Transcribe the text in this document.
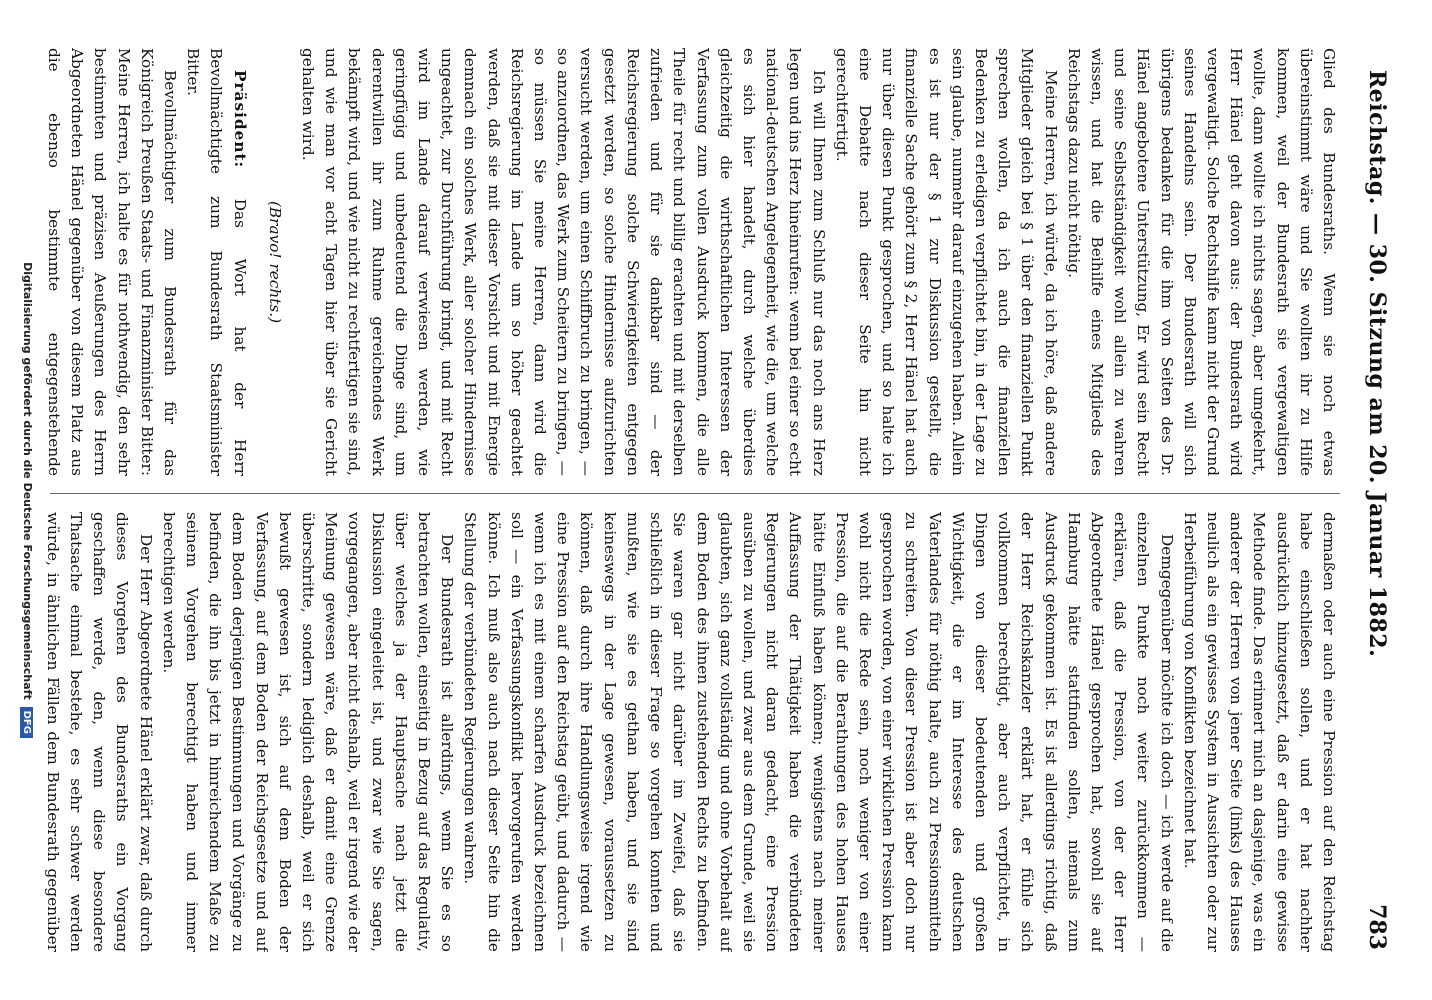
Reichstag. — 30. Sitzung am 20. Januar 1882.
783

Glied des Bundesraths. Wenn sie noch etwas übereinstimmt wäre und Sie wollten ihr zu Hilfe kommen, weil der Bundesrath sie vergewaltigen wollte, dann wollte ich nichts sagen, aber umgekehrt, Herr Hänel geht davon aus: der Bundesrath wird vergewaltigt. Solche Rechtshilfe kann nicht der Grund seines Handelns sein. Der Bundesrath will sich übrigens bedanken für die ihm von Seiten des Dr. Hänel angebotene Unterstützung, Er wird sein Recht und seine Selbstständigkeit wohl allein zu wahren wissen, und hat die Beihilfe eines Mitglieds des Reichstags dazu nicht nöthig.

Meine Herren, ich würde, da ich höre, daß andere Mitglieder gleich bei § 1 über den finanziellen Punkt sprechen wollen, da ich auch die finanziellen Bedenken zu erledigen verpflichtet bin, in der Lage zu sein glaube, nunmehr darauf einzugehen haben. Allein es ist nur der § 1 zur Diskussion gestellt, die finanzielle Sache gehört zum § 2, Herr Hänel hat auch nur über diesen Punkt gesprochen, und so halte ich eine Debatte nach dieser Seite hin nicht gerechtfertigt.

Ich will Ihnen zum Schluß nur das noch ans Herz legen und ins Herz hineinrufen: wenn bei einer so echt national-deutschen Angelegenheit, wie die, um welche es sich hier handelt, durch welche überdies gleichzeitig die wirthschaftlichen Interessen der Verfassung zum vollen Ausdruck kommen, die alle Theile für recht und billig erachten und mit derselben zufrieden und für sie dankbar sind — der Reichsregierung solche Schwierigkeiten entgegen gesetzt werden, so solche Hindernisse aufzurichten versucht werden, um einen Schiffbruch zu bringen, — so anzuordnen, das Werk zum Scheitern zu bringen, — so müssen Sie meine Herren, dann wird die Reichsregierung im Lande um so höher geachtet werden, daß sie mit dieser Vorsicht und mit Energie demnach ein solches Werk, aller solcher Hindernisse ungeachtet, zur Durchführung bringt, und mit Recht wird im Lande darauf verwiesen werden, wie geringfügig und unbedeutend die Dinge sind, um derentwillen ihr zum Ruhme gereichendes Werk bekämpft wird, und wie nicht zu rechtfertigen sie sind, und wie man vor acht Tagen hier über sie Gericht gehalten wird.

(Bravo! rechts.)

Präsident: Das Wort hat der Herr Bevollmächtigte zum Bundesrath Staatsminister Bitter.

Bevollmächtigter zum Bundesrath für das Königreich Preußen Staats- und Finanzminister Bitter: Meine Herren, ich halte es für nothwendig, den sehr bestimmten und präzisen Aeußerungen des Herrn Abgeordneten Hänel gegenüber von diesem Platz aus die ebenso bestimmte entgegenstehende

dermaßen oder auch eine Pression auf den Reichstag habe einschließen sollen, und er hat nachher ausdrücklich hinzugesetzt, daß er darin eine gewisse Methode finde. Das erinnert mich an dasjenige, was ein anderer der Herren von jener Seite (links) des Hauses neulich als ein gewisses System in Aussichten oder zur Herbeiführung von Konflikten bezeichnet hat.

Demgegenüber möchte ich doch — ich werde auf die einzelnen Punkte noch weiter zurückkommen — erklären, daß die Pression, von der der Herr Abgeordnete Hänel gesprochen hat, sowohl sie auf Hamburg hätte stattfinden sollen, niemals zum Ausdruck gekommen ist. Es ist allerdings richtig, daß der Herr Reichskanzler erklärt hat, er fühle sich vollkommen berechtigt, aber auch verpflichtet, in Dingen von dieser bedeutenden und großen Wichtigkeit, die er im Interesse des deutschen Vaterlandes für nöthig halte, auch zu Pressionsmitteln zu schreiten. Von dieser Pression ist aber doch nur gesprochen worden, von einer wirklichen Pression kann wohl nicht die Rede sein, noch weniger von einer Pression, die auf die Berathungen des hohen Hauses hätte Einfluß haben können; wenigstens nach meiner Auffassung der Thätigkeit haben die verbündeten Regierungen nicht daran gedacht, eine Pression ausüben zu wollen, und zwar aus dem Grunde, weil sie glaubten, sich ganz vollständig und ohne Vorbehalt auf dem Boden des ihnen zustehenden Rechts zu befinden. Sie waren gar nicht darüber im Zweifel, daß sie schließlich in dieser Frage so vorgehen konnten und mußten, wie sie es gethan haben, und sie sind keineswegs in der Lage gewesen, voraussetzen zu können, daß durch ihre Handlungsweise irgend wie eine Pression auf den Reichstag geübt, und dadurch — wenn ich es mit einem scharfen Ausdruck bezeichnen soll — ein Verfassungskonflikt hervorgerufen werden könne. Ich muß also auch nach dieser Seite hin die Stellung der verbündeten Regierungen wahren.

Der Bundesrath ist allerdings, wenn Sie es so betrachten wollen, einseitig in Bezug auf das Regulativ, über welches ja der Hauptsache nach jetzt die Diskussion eingeleitet ist, und zwar wie Sie sagen, vorgegangen, aber nicht deshalb, weil er irgend wie der Meinung gewesen wäre, daß er damit eine Grenze überschritte, sondern lediglich deshalb, weil er sich bewußt gewesen ist, sich auf dem Boden der Verfassung, auf dem Boden der Reichsgesetze und auf dem Boden derjenigen Bestimmungen und Vorgänge zu befinden, die ihn bis jetzt in hinreichendem Maße zu seinem Vorgehen berechtigt haben und immer berechtigen werden.

Der Herr Abgeordnete Hänel erklärt zwar, daß durch dieses Vorgehen des Bundesraths ein Vorgang geschaffen werde, den, wenn diese besondere Thatsache einmal bestehe, es sehr schwer werden würde, in ähnlichen Fällen dem Bundesrath gegenüber

Digitalisierung gefördert durch die Deutsche Forschungsgemeinschaft DFG
